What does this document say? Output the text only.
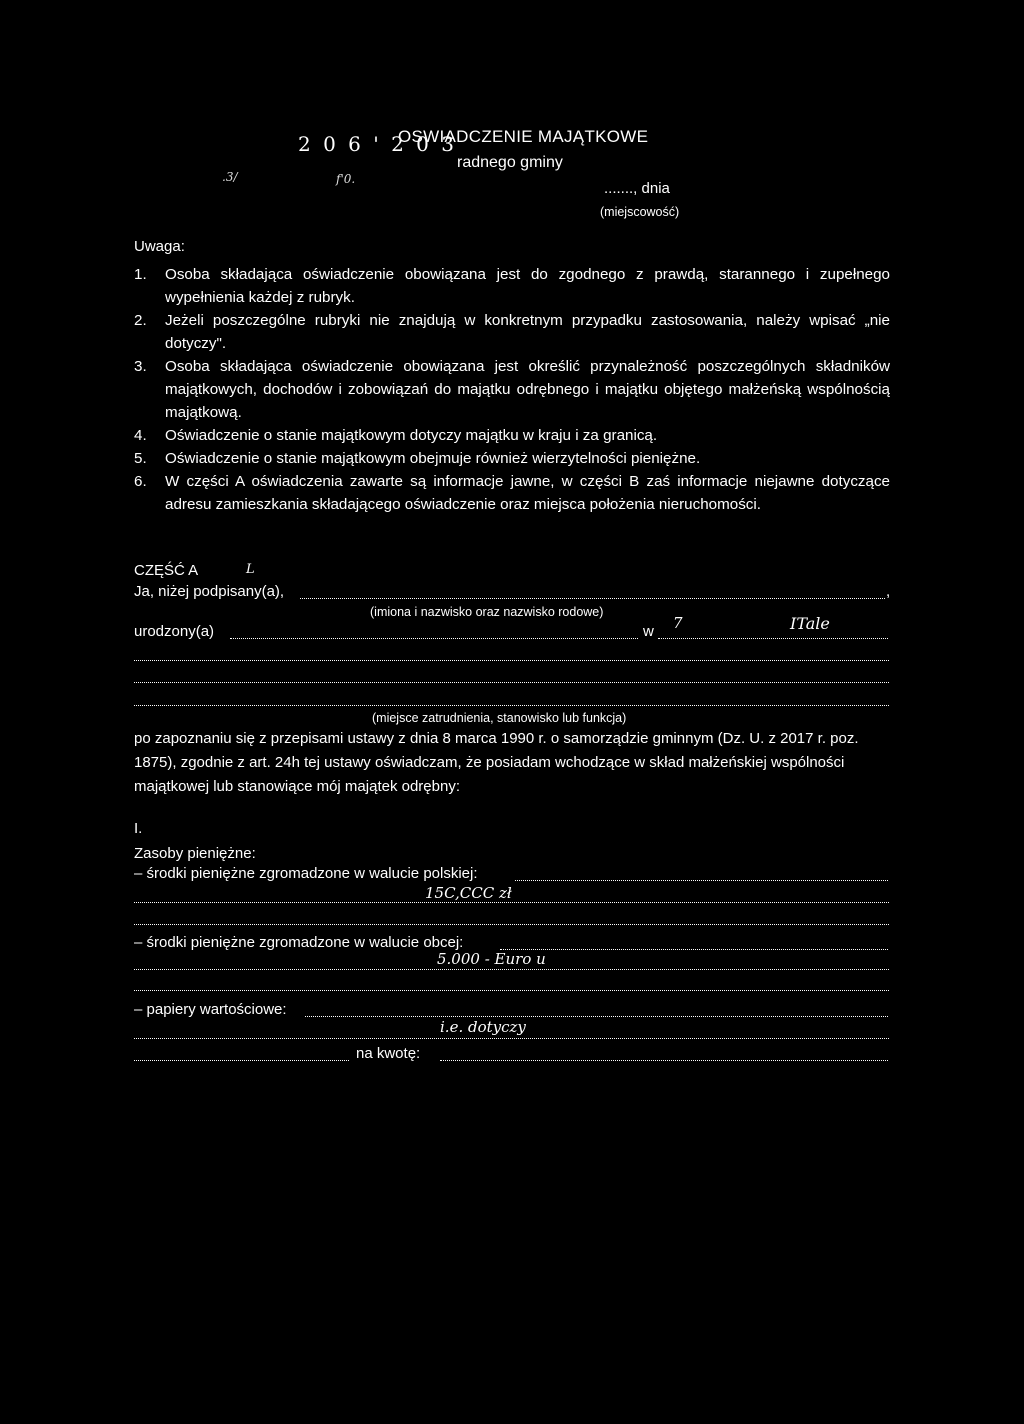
2 0 6 ' 2 0 3
.3/	f'0.
OSWIADCZENIE MAJĄTKOWE
radnego gminy
......., dnia
(miejscowość)
Uwaga:
1. Osoba składająca oświadczenie obowiązana jest do zgodnego z prawdą, starannego i zupełnego wypełnienia każdej z rubryk.
2. Jeżeli poszczególne rubryki nie znajdują w konkretnym przypadku zastosowania, należy wpisać „nie dotyczy".
3. Osoba składająca oświadczenie obowiązana jest określić przynależność poszczególnych składników majątkowych, dochodów i zobowiązań do majątku odrębnego i majątku objętego małżeńską wspólnością majątkową.
4. Oświadczenie o stanie majątkowym dotyczy majątku w kraju i za granicą.
5. Oświadczenie o stanie majątkowym obejmuje również wierzytelności pieniężne.
6. W części A oświadczenia zawarte są informacje jawne, w części B zaś informacje niejawne dotyczące adresu zamieszkania składającego oświadczenie oraz miejsca położenia nieruchomości.
CZĘŚĆ A	L
Ja, niżej podpisany(a),	,
(imiona i nazwisko oraz nazwisko rodowe)
urodzony(a)	w 7	ITale
(miejsce zatrudnienia, stanowisko lub funkcja)
po zapoznaniu się z przepisami ustawy z dnia 8 marca 1990 r. o samorządzie gminnym (Dz. U. z 2017 r. poz. 1875), zgodnie z art. 24h tej ustawy oświadczam, że posiadam wchodzące w skład małżeńskiej wspólności majątkowej lub stanowiące mój majątek odrębny:
I.
Zasoby pieniężne:
– środki pieniężne zgromadzone w walucie polskiej:
15C,CCC zł
– środki pieniężne zgromadzone w walucie obcej:
5.000 - Euro u
– papiery wartościowe:
i.e. dotyczy
na kwotę:
